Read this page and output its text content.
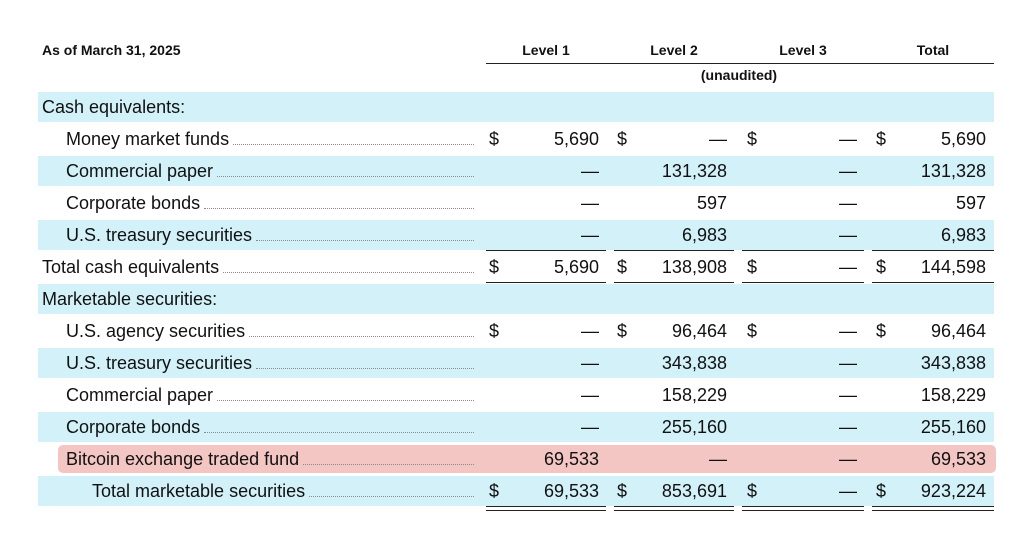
As of March 31, 2025	Level 1	Level 2	Level 3	Total
(unaudited)
Cash equivalents:
Money market funds	$	5,690 $	— $	— $	5,690
Commercial paper	—	131,328	—	131,328
Corporate bonds	—	597	—	597
U.S. treasury securities	—	6,983	—	6,983
Total cash equivalents	$	5,690 $	138,908 $	— $	144,598
Marketable securities:
U.S. agency securities	$	— $	96,464 $	— $	96,464
U.S. treasury securities	—	343,838	—	343,838
Commercial paper	—	158,229	—	158,229
Corporate bonds	—	255,160	—	255,160
Bitcoin exchange traded fund	69,533	—	—	69,533
Total marketable securities	$	69,533 $	853,691 $	— $	923,224
